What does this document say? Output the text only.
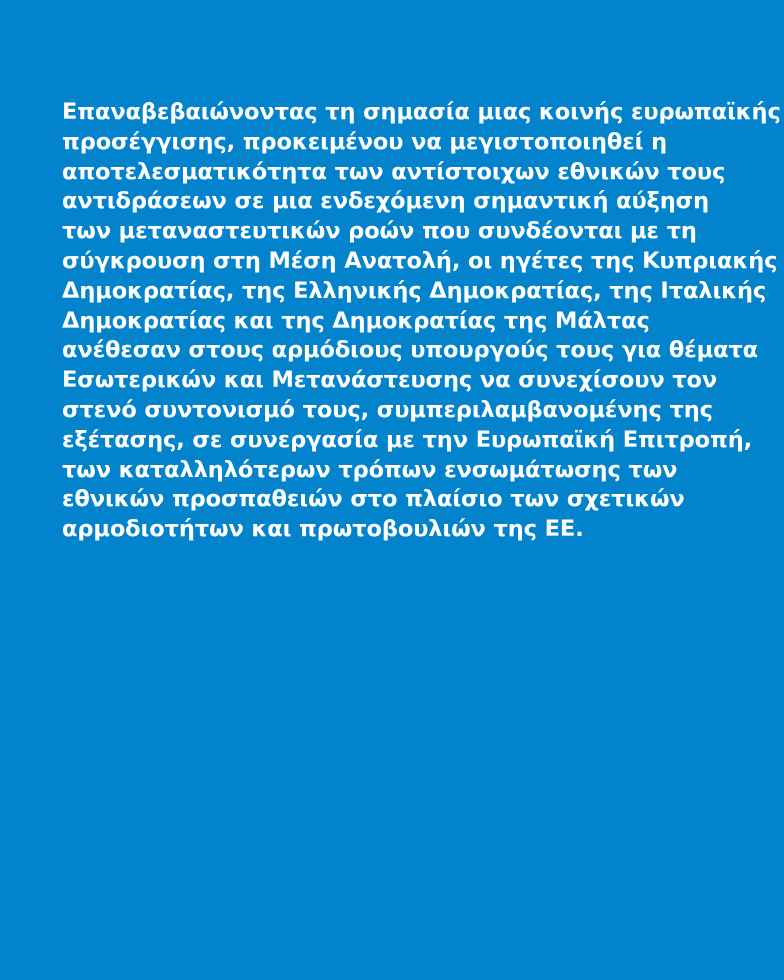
Επαναβεβαιώνοντας τη σημασία μιας κοινής ευρωπαϊκής
προσέγγισης, προκειμένου να μεγιστοποιηθεί η
αποτελεσματικότητα των αντίστοιχων εθνικών τους
αντιδράσεων σε μια ενδεχόμενη σημαντική αύξηση
των μεταναστευτικών ροών που συνδέονται με τη
σύγκρουση στη Μέση Ανατολή, οι ηγέτες της Κυπριακής
Δημοκρατίας, της Ελληνικής Δημοκρατίας, της Ιταλικής
Δημοκρατίας και της Δημοκρατίας της Μάλτας
ανέθεσαν στους αρμόδιους υπουργούς τους για θέματα
Εσωτερικών και Μετανάστευσης να συνεχίσουν τον
στενό συντονισμό τους, συμπεριλαμβανομένης της
εξέτασης, σε συνεργασία με την Ευρωπαϊκή Επιτροπή,
των καταλληλότερων τρόπων ενσωμάτωσης των
εθνικών προσπαθειών στο πλαίσιο των σχετικών
αρμοδιοτήτων και πρωτοβουλιών της ΕΕ.
